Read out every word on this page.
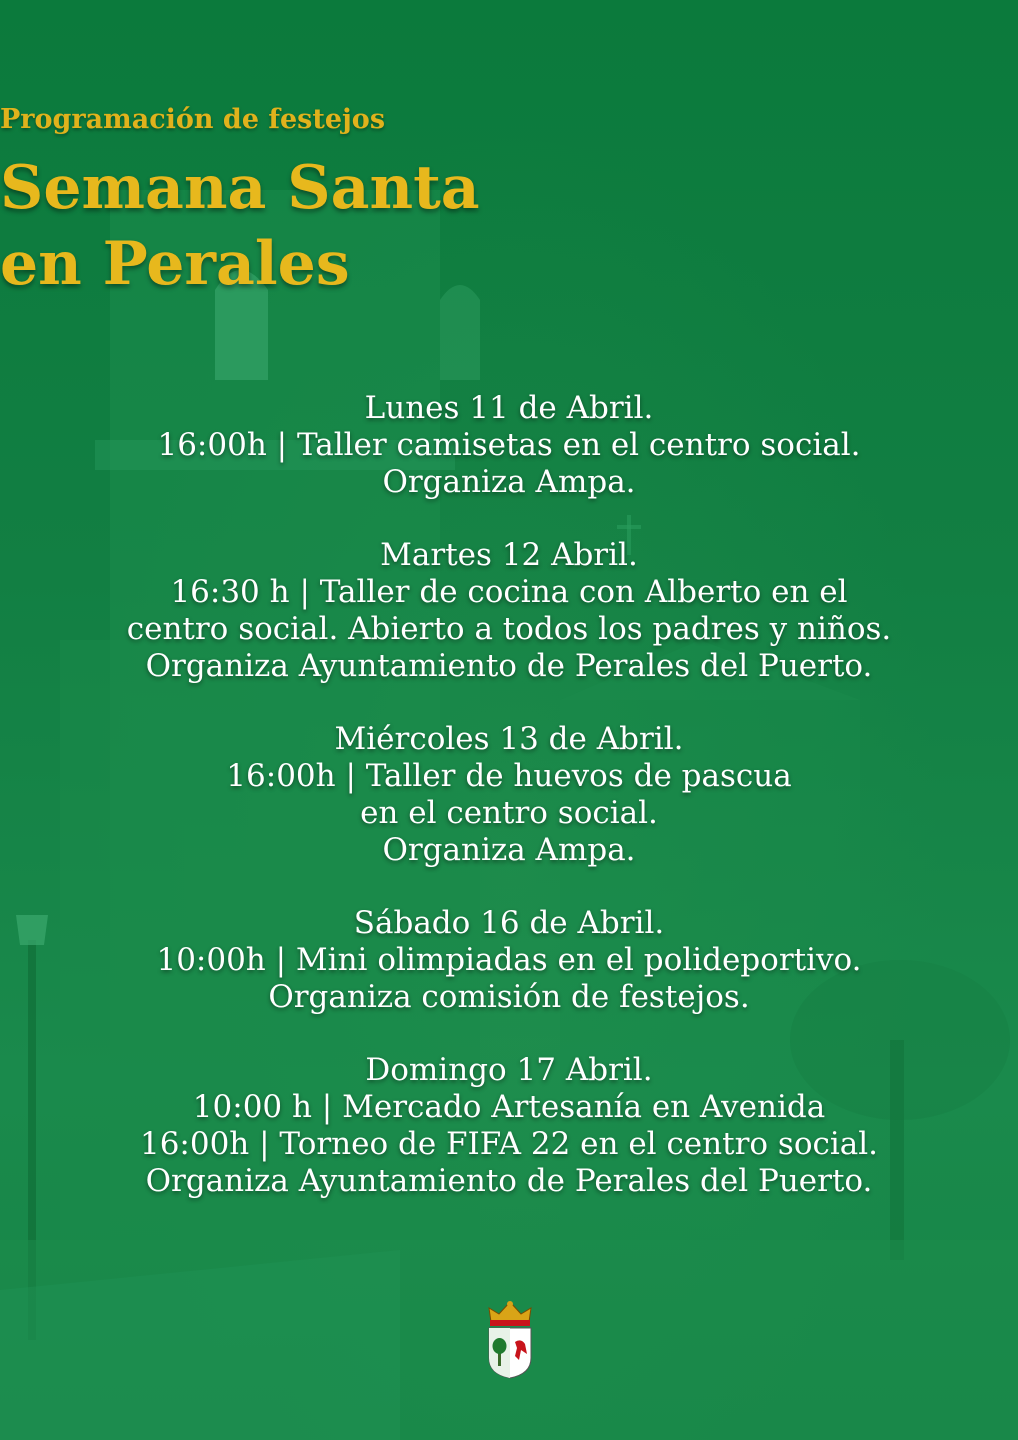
Programación de festejos
Semana Santa
en Perales
Lunes 11 de Abril.
16:00h | Taller camisetas en el centro social.
Organiza Ampa.
Martes 12 Abril.
16:30 h | Taller de cocina con Alberto en el
centro social. Abierto a todos los padres y niños.
Organiza Ayuntamiento de Perales del Puerto.
Miércoles 13 de Abril.
16:00h | Taller de huevos de pascua
en el centro social.
Organiza Ampa.
Sábado 16 de Abril.
10:00h | Mini olimpiadas en el polideportivo.
Organiza comisión de festejos.
Domingo 17 Abril.
10:00 h | Mercado Artesanía en Avenida
16:00h | Torneo de FIFA 22 en el centro social.
Organiza Ayuntamiento de Perales del Puerto.
